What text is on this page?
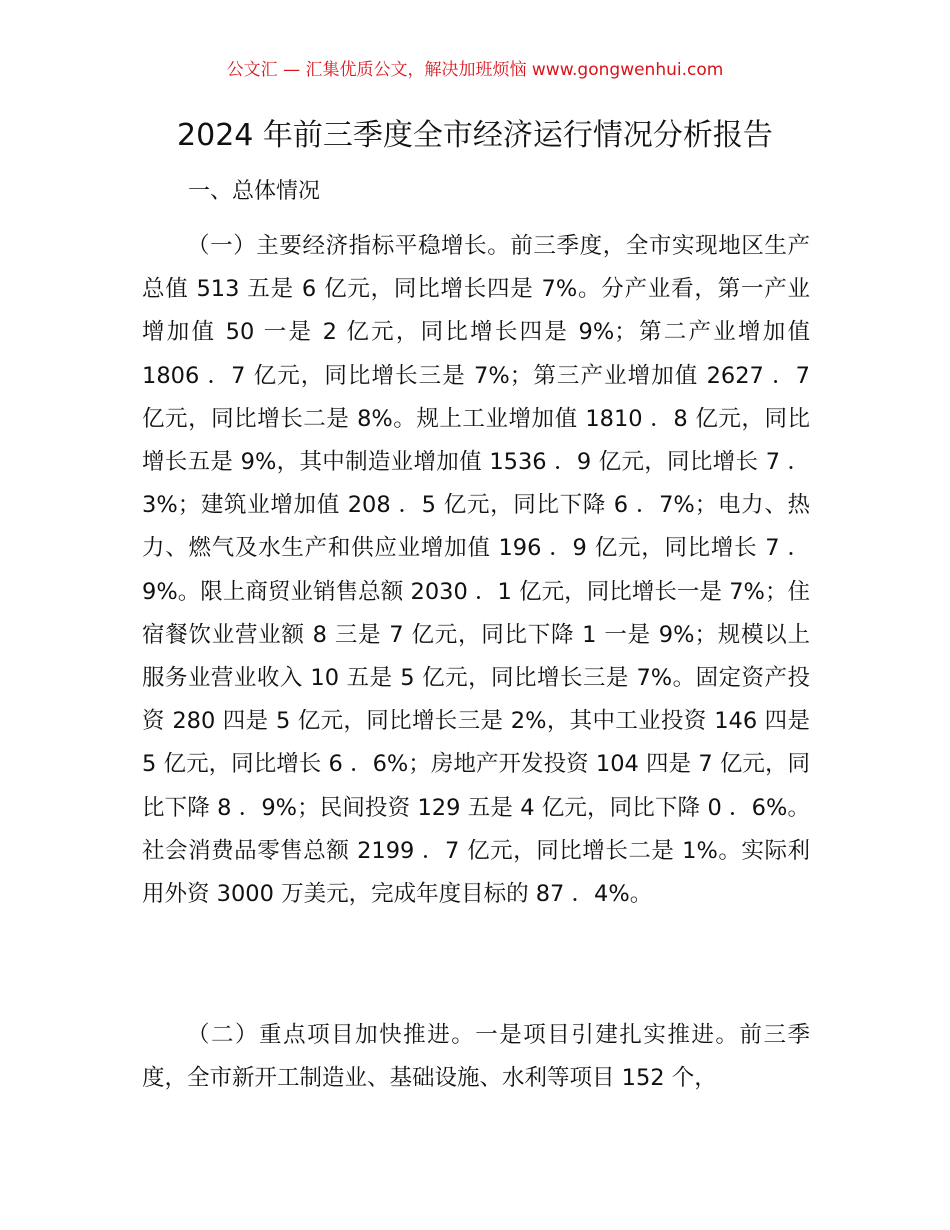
公文汇 — 汇集优质公文，解决加班烦恼 www.gongwenhui.com
2024 年前三季度全市经济运行情况分析报告
一、总体情况

（一）主要经济指标平稳增长。前三季度，全市实现地区生产总值 513 五是 6 亿元，同比增长四是 7%。分产业看，第一产业增加值 50 一是 2 亿元，同比增长四是 9%；第二产业增加值 1806 ．7 亿元，同比增长三是 7%；第三产业增加值 2627 ．7 亿元，同比增长二是 8%。规上工业增加值 1810 ．8 亿元，同比增长五是 9%，其中制造业增加值 1536 ．9 亿元，同比增长 7 ．3%；建筑业增加值 208 ．5 亿元，同比下降 6 ．7%；电力、热力、燃气及水生产和供应业增加值 196 ．9 亿元，同比增长 7 ．9%。限上商贸业销售总额 2030 ．1 亿元，同比增长一是 7%；住宿餐饮业营业额 8 三是 7 亿元，同比下降 1 一是 9%；规模以上服务业营业收入 10 五是 5 亿元，同比增长三是 7%。固定资产投资 280 四是 5 亿元，同比增长三是 2%，其中工业投资 146 四是 5 亿元，同比增长 6 ．6%；房地产开发投资 104 四是 7 亿元，同比下降 8 ．9%；民间投资 129 五是 4 亿元，同比下降 0 ．6%。社会消费品零售总额 2199 ．7 亿元，同比增长二是 1%。实际利用外资 3000 万美元，完成年度目标的 87 ．4%。

（二）重点项目加快推进。一是项目引建扎实推进。前三季度，全市新开工制造业、基础设施、水利等项目 152 个，
